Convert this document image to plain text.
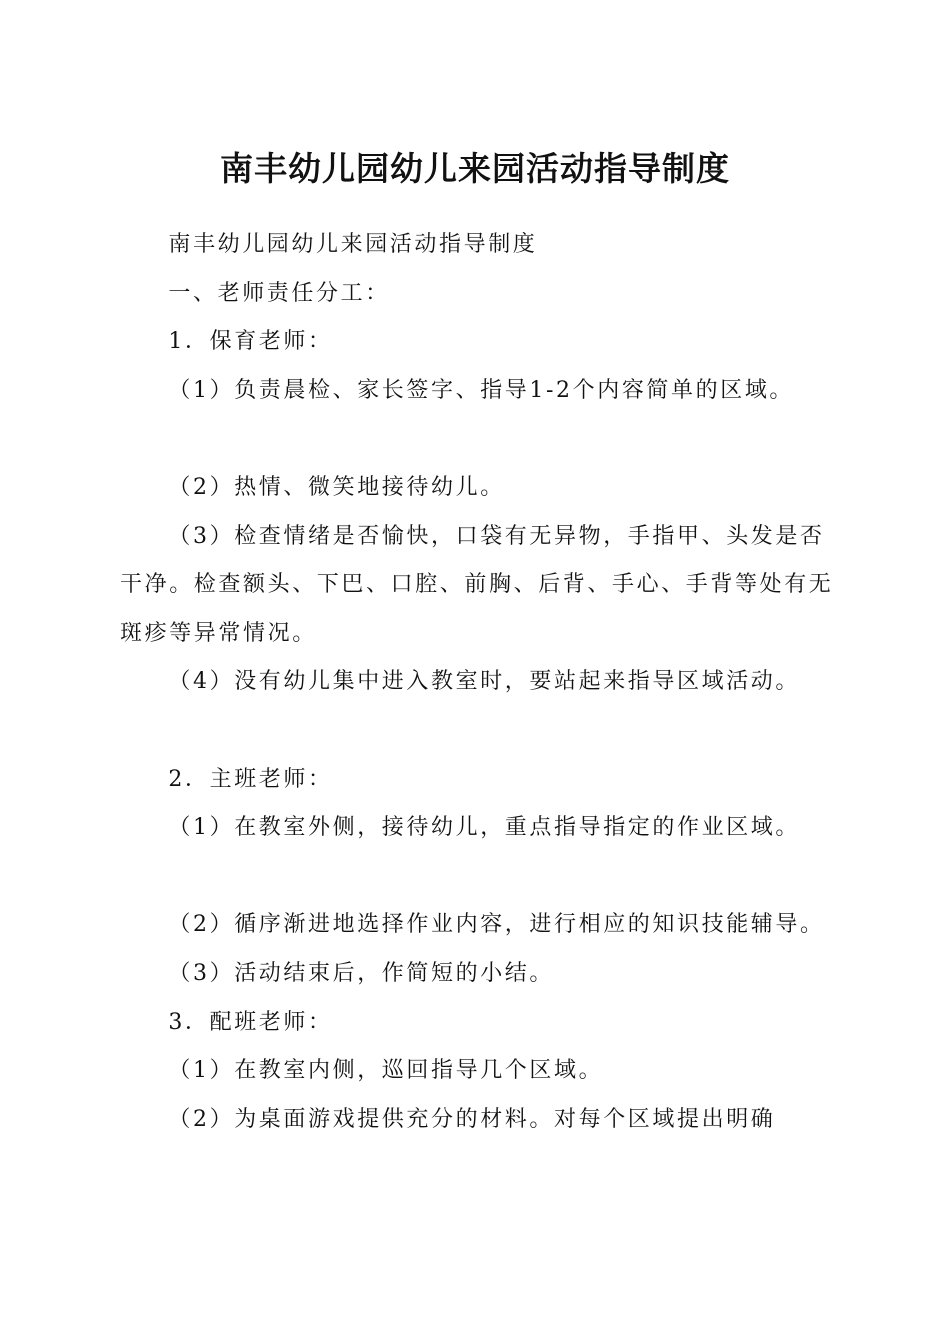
南丰幼儿园幼儿来园活动指导制度

南丰幼儿园幼儿来园活动指导制度

一、老师责任分工：

1．保育老师：

（1）负责晨检、家长签字、指导1-2个内容简单的区域。

（2）热情、微笑地接待幼儿。

（3）检查情绪是否愉快，口袋有无异物，手指甲、头发是否干净。检查额头、下巴、口腔、前胸、后背、手心、手背等处有无斑疹等异常情况。

（4）没有幼儿集中进入教室时，要站起来指导区域活动。

2．主班老师：

（1）在教室外侧，接待幼儿，重点指导指定的作业区域。

（2）循序渐进地选择作业内容，进行相应的知识技能辅导。

（3）活动结束后，作简短的小结。

3．配班老师：

（1）在教室内侧，巡回指导几个区域。

（2）为桌面游戏提供充分的材料。对每个区域提出明确
